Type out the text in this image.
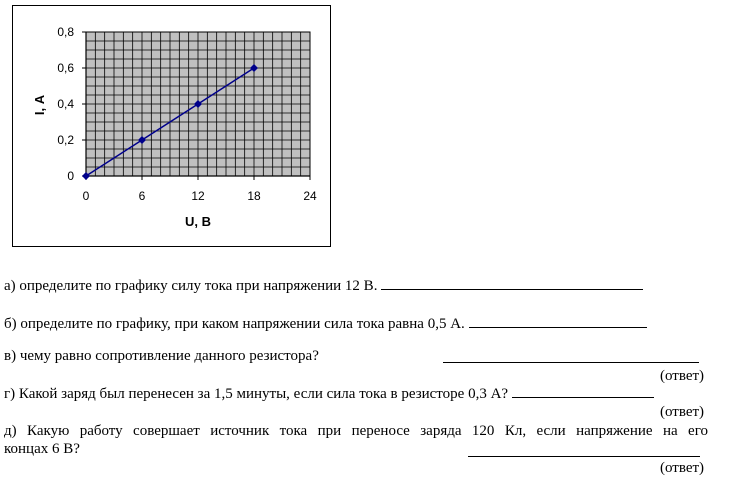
0	6	12	18	24
0
0,2
0,4
0,6
0,8
U, В
I, А
а) определите по графику силу тока при напряжении 12 В.
б) определите по графику, при каком напряжении сила тока равна 0,5 А.
в) чему равно сопротивление данного резистора?
(ответ)
г) Какой заряд был перенесен за 1,5 минуты, если сила тока в резисторе 0,3 А?
(ответ)
д) Какую работу совершает источник тока при переносе заряда 120 Кл, если напряжение на его
концах 6 В?
(ответ)
